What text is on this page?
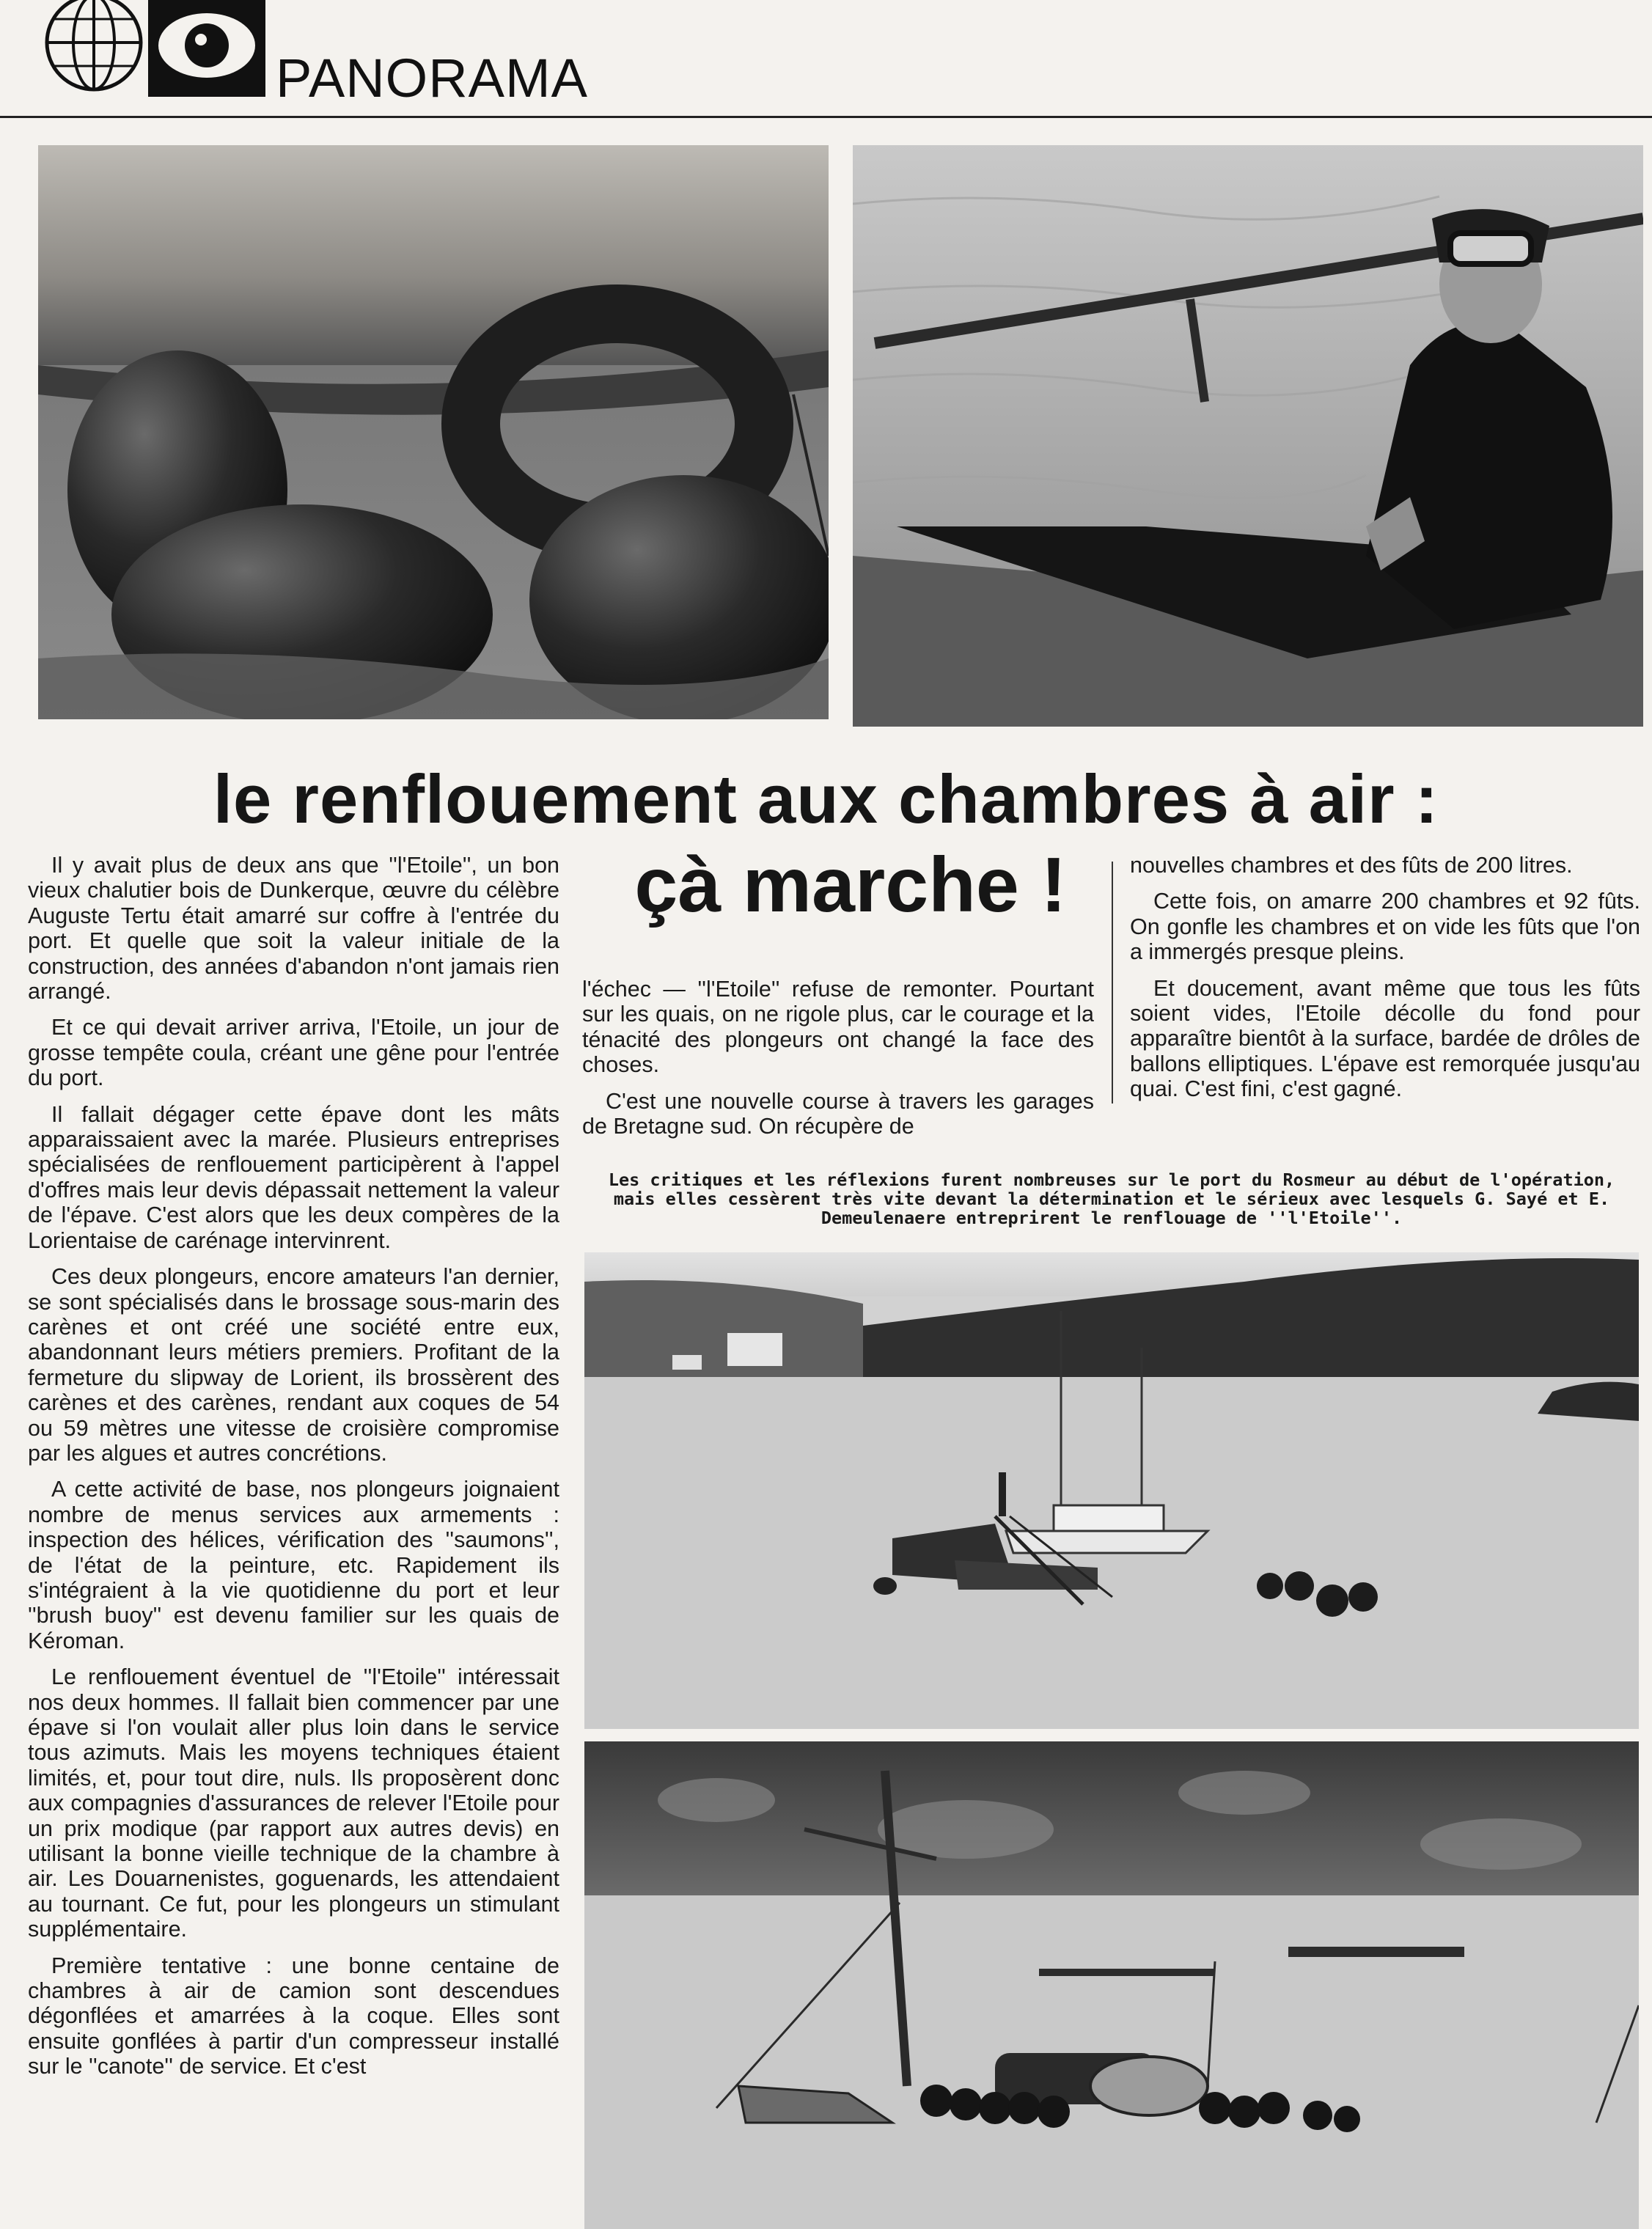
PANORAMA
le renflouement aux chambres à air :
çà marche !

Il y avait plus de deux ans que ''l'Etoile'', un bon vieux chalutier bois de Dunkerque, œuvre du célèbre Auguste Tertu était amarré sur coffre à l'entrée du port. Et quelle que soit la valeur initiale de la construction, des années d'abandon n'ont jamais rien arrangé.

Et ce qui devait arriver arriva, l'Etoile, un jour de grosse tempête coula, créant une gêne pour l'entrée du port.

Il fallait dégager cette épave dont les mâts apparaissaient avec la marée. Plusieurs entreprises spécialisées de renflouement participèrent à l'appel d'offres mais leur devis dépassait nettement la valeur de l'épave. C'est alors que les deux compères de la Lorientaise de carénage intervinrent.

Ces deux plongeurs, encore amateurs l'an dernier, se sont spécialisés dans le brossage sous-marin des carènes et ont créé une société entre eux, abandonnant leurs métiers premiers. Profitant de la fermeture du slipway de Lorient, ils brossèrent des carènes et des carènes, rendant aux coques de 54 ou 59 mètres une vitesse de croisière compromise par les algues et autres concrétions.

A cette activité de base, nos plongeurs joignaient nombre de menus services aux armements : inspection des hélices, vérification des ''saumons'', de l'état de la peinture, etc. Rapidement ils s'intégraient à la vie quotidienne du port et leur ''brush buoy'' est devenu familier sur les quais de Kéroman.

Le renflouement éventuel de ''l'Etoile'' intéressait nos deux hommes. Il fallait bien commencer par une épave si l'on voulait aller plus loin dans le service tous azimuts. Mais les moyens techniques étaient limités, et, pour tout dire, nuls. Ils proposèrent donc aux compagnies d'assurances de relever l'Etoile pour un prix modique (par rapport aux autres devis) en utilisant la bonne vieille technique de la chambre à air. Les Douarnenistes, goguenards, les attendaient au tournant. Ce fut, pour les plongeurs un stimulant supplémentaire.

Première tentative : une bonne centaine de chambres à air de camion sont descendues dégonflées et amarrées à la coque. Elles sont ensuite gonflées à partir d'un compresseur installé sur le ''canote'' de service. Et c'est

l'échec — ''l'Etoile'' refuse de remonter. Pourtant sur les quais, on ne rigole plus, car le courage et la ténacité des plongeurs ont changé la face des choses.

C'est une nouvelle course à travers les garages de Bretagne sud. On récupère de

nouvelles chambres et des fûts de 200 litres.

Cette fois, on amarre 200 chambres et 92 fûts. On gonfle les chambres et on vide les fûts que l'on a immergés presque pleins.

Et doucement, avant même que tous les fûts soient vides, l'Etoile décolle du fond pour apparaître bientôt à la surface, bardée de drôles de ballons elliptiques. L'épave est remorquée jusqu'au quai. C'est fini, c'est gagné.

Les critiques et les réflexions furent nombreuses sur le port du Rosmeur au début de l'opération, mais elles cessèrent très vite devant la détermination et le sérieux avec lesquels G. Sayé et E. Demeulenaere entreprirent le renflouage de ''l'Etoile''.
